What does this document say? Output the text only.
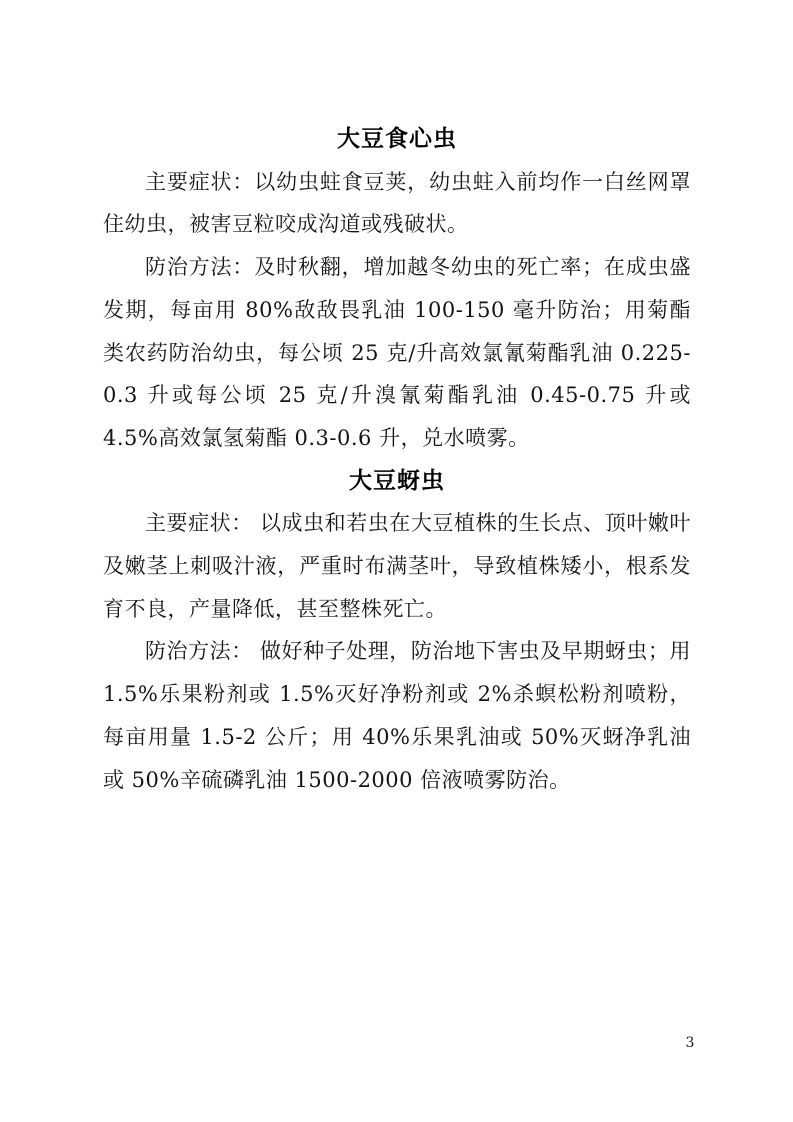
大豆食心虫

主要症状：以幼虫蛀食豆荚，幼虫蛀入前均作一白丝网罩住幼虫，被害豆粒咬成沟道或残破状。

防治方法：及时秋翻，增加越冬幼虫的死亡率；在成虫盛发期，每亩用 80%敌敌畏乳油 100-150 毫升防治；用菊酯类农药防治幼虫，每公顷 25 克/升高效氯氰菊酯乳油 0.225-0.3 升或每公顷 25 克/升溴氰菊酯乳油 0.45-0.75 升或 4.5%高效氯氢菊酯 0.3-0.6 升，兑水喷雾。

大豆蚜虫

主要症状： 以成虫和若虫在大豆植株的生长点、顶叶嫩叶及嫩茎上刺吸汁液，严重时布满茎叶，导致植株矮小，根系发育不良，产量降低，甚至整株死亡。

防治方法： 做好种子处理，防治地下害虫及早期蚜虫；用 1.5%乐果粉剂或 1.5%灭好净粉剂或 2%杀螟松粉剂喷粉，每亩用量 1.5-2 公斤；用 40%乐果乳油或 50%灭蚜净乳油或 50%辛硫磷乳油 1500-2000 倍液喷雾防治。

3
